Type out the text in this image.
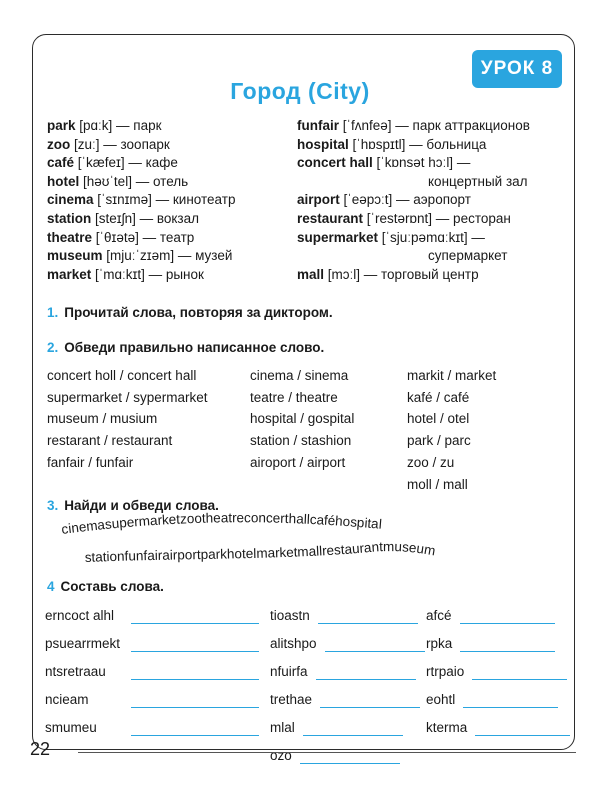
УРОК 8
Город (City)
park [pɑːk] — парк
zoo [zuː] — зоопарк
café [ˈkæfeɪ] — кафе
hotel [həʊˈtel] — отель
cinema [ˈsɪnɪmə] — кинотеатр
station [steɪʃn] — вокзал
theatre [ˈθɪətə] — театр
museum [mjuːˈzɪəm] — музей
market [ˈmɑːkɪt] — рынок
funfair [ˈfʌnfeə] — парк аттракционов
hospital [ˈhɒspɪtl] — больница
concert hall [ˈkɒnsət hɔːl] —
концертный зал
airport [ˈeəpɔːt] — аэропорт
restaurant [ˈrestərɒnt] — ресторан
supermarket [ˈsjuːpəmɑːkɪt] —
супермаркет
mall [mɔːl] — торговый центр
1. Прочитай слова, повторяя за диктором.
2. Обведи правильно написанное слово.
concert holl / concert hall
supermarket / sypermarket
museum / musium
restarant / restaurant
fanfair / funfair
cinema / sinema
teatre / theatre
hospital / gospital
station / stashion
airoport / airport
markit / market
kafé / café
hotel / otel
park / parc
zoo / zu
moll / mall
3. Найди и обведи слова.
cinemasupermarketzootheatreconcerthallcaféhospital
stationfunfairairportparkhotelmarketmallrestaurantmuseum
4 Составь слова.
erncoct alhl
psuearrmekt
ntsretraau
ncieam
smumeu
tioastn
alitshpo
nfuirfa
trethae
mlal
ozo
afcé
rpka
rtrpaio
eohtl
kterma
22
